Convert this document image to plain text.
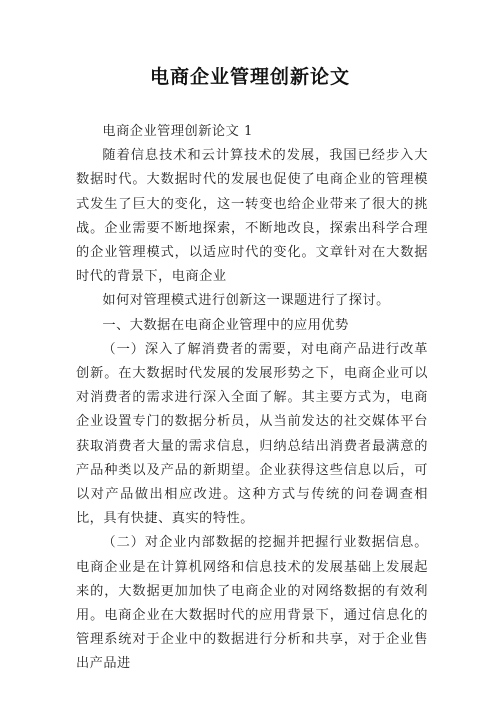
电商企业管理创新论文

电商企业管理创新论文 1

随着信息技术和云计算技术的发展，我国已经步入大数据时代。大数据时代的发展也促使了电商企业的管理模式发生了巨大的变化，这一转变也给企业带来了很大的挑战。企业需要不断地探索，不断地改良，探索出科学合理的企业管理模式，以适应时代的变化。文章针对在大数据时代的背景下，电商企业

如何对管理模式进行创新这一课题进行了探讨。

一、大数据在电商企业管理中的应用优势

（一）深入了解消费者的需要，对电商产品进行改革创新。在大数据时代发展的发展形势之下，电商企业可以对消费者的需求进行深入全面了解。其主要方式为，电商企业设置专门的数据分析员，从当前发达的社交媒体平台获取消费者大量的需求信息，归纳总结出消费者最满意的产品种类以及产品的新期望。企业获得这些信息以后，可以对产品做出相应改进。这种方式与传统的问卷调查相比，具有快捷、真实的特性。

（二）对企业内部数据的挖掘并把握行业数据信息。电商企业是在计算机网络和信息技术的发展基础上发展起来的，大数据更加加快了电商企业的对网络数据的有效利用。电商企业在大数据时代的应用背景下，通过信息化的管理系统对于企业中的数据进行分析和共享，对于企业售出产品进
